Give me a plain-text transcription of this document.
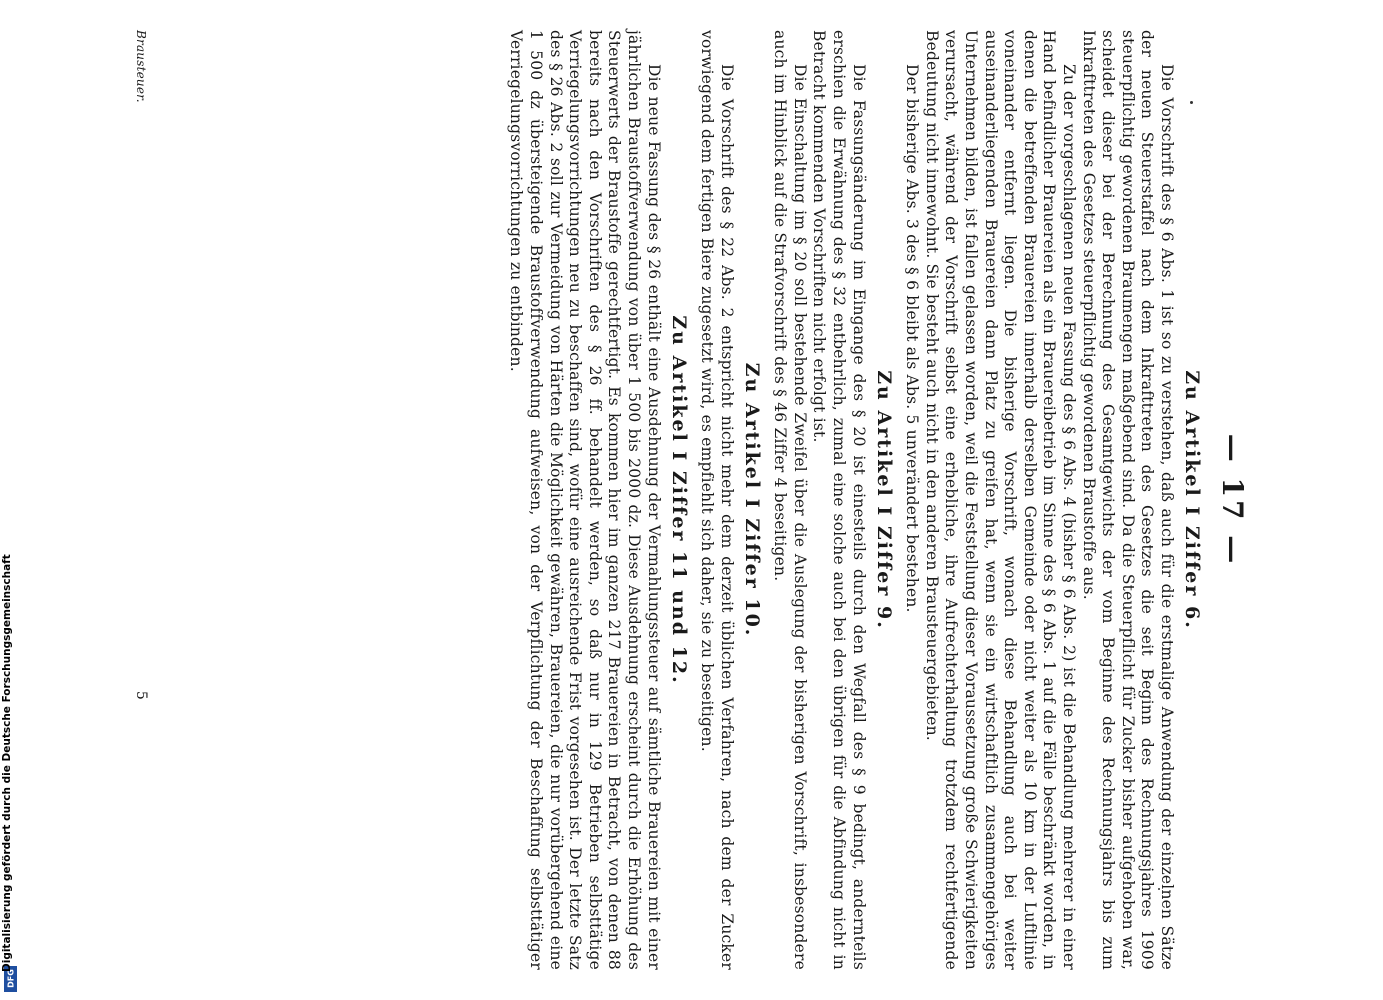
DFG
Digitalisierung gefördert durch die Deutsche Forschungsgemeinschaft
— 17 —
Zu Artikel I Ziffer 6.

Die Vorschrift des § 6 Abs. 1 ist so zu verstehen, daß auch für die erstmalige Anwendung der einzelnen Sätze der neuen Steuerstaffel nach dem Inkrafttreten des Gesetzes die seit Beginn des Rechnungsjahres 1909 steuerpflichtig gewordenen Braumengen maßgebend sind. Da die Steuerpflicht für Zucker bisher aufgehoben war, scheidet dieser bei der Berechnung des Gesamtgewichts der vom Beginne des Rechnungsjahrs bis zum Inkrafttreten des Gesetzes steuerpflichtig gewordenen Braustoffe aus.

Zu der vorgeschlagenen neuen Fassung des § 6 Abs. 4 (bisher § 6 Abs. 2) ist die Behandlung mehrerer in einer Hand befindlicher Brauereien als ein Brauereibetrieb im Sinne des § 6 Abs. 1 auf die Fälle beschränkt worden, in denen die betreffenden Brauereien innerhalb derselben Gemeinde oder nicht weiter als 10 km in der Luftlinie voneinander entfernt liegen. Die bisherige Vorschrift, wonach diese Behandlung auch bei weiter auseinanderliegenden Brauereien dann Platz zu greifen hat, wenn sie ein wirtschaftlich zusammengehöriges Unternehmen bilden, ist fallen gelassen worden, weil die Feststellung dieser Voraussetzung große Schwierigkeiten verursacht, während der Vorschrift selbst eine erhebliche, ihre Aufrechterhaltung trotzdem rechtfertigende Bedeutung nicht innewohnt. Sie besteht auch nicht in den anderen Brausteuergebieten.

Der bisherige Abs. 3 des § 6 bleibt als Abs. 5 unverändert bestehen.

Zu Artikel I Ziffer 9.

Die Fassungsänderung im Eingange des § 20 ist einesteils durch den Wegfall des § 9 bedingt, andernteils erschien die Erwähnung des § 32 entbehrlich, zumal eine solche auch bei den übrigen für die Abfindung nicht in Betracht kommenden Vorschriften nicht erfolgt ist.

Die Einschaltung im § 20 soll bestehende Zweifel über die Auslegung der bisherigen Vorschrift, insbesondere auch im Hinblick auf die Strafvorschrift des § 46 Ziffer 4 beseitigen.

Zu Artikel I Ziffer 10.

Die Vorschrift des § 22 Abs. 2 entspricht nicht mehr dem derzeit üblichen Verfahren, nach dem der Zucker vorwiegend dem fertigen Biere zugesetzt wird, es empfiehlt sich daher, sie zu beseitigen.

Zu Artikel I Ziffer 11 und 12.

Die neue Fassung des § 26 enthält eine Ausdehnung der Vermahlungssteuer auf sämtliche Brauereien mit einer jährlichen Braustoffverwendung von über 1 500 bis 2000 dz. Diese Ausdehnung erscheint durch die Erhöhung des Steuerwerts der Braustoffe gerechtfertigt. Es kommen hier im ganzen 217 Brauereien in Betracht, von denen 88 bereits nach den Vorschriften des § 26 ff. behandelt werden, so daß nur in 129 Betrieben selbsttätige Verriegelungsvorrichtungen neu zu beschaffen sind, wofür eine ausreichende Frist vorgesehen ist. Der letzte Satz des § 26 Abs. 2 soll zur Vermeidung von Härten die Möglichkeit gewähren, Brauereien, die nur vorübergehend eine 1 500 dz übersteigende Braustoffverwendung aufweisen, von der Verpflichtung der Beschaffung selbsttätiger Verriegelungsvorrichtungen zu entbinden.

Brausteuer.
5
